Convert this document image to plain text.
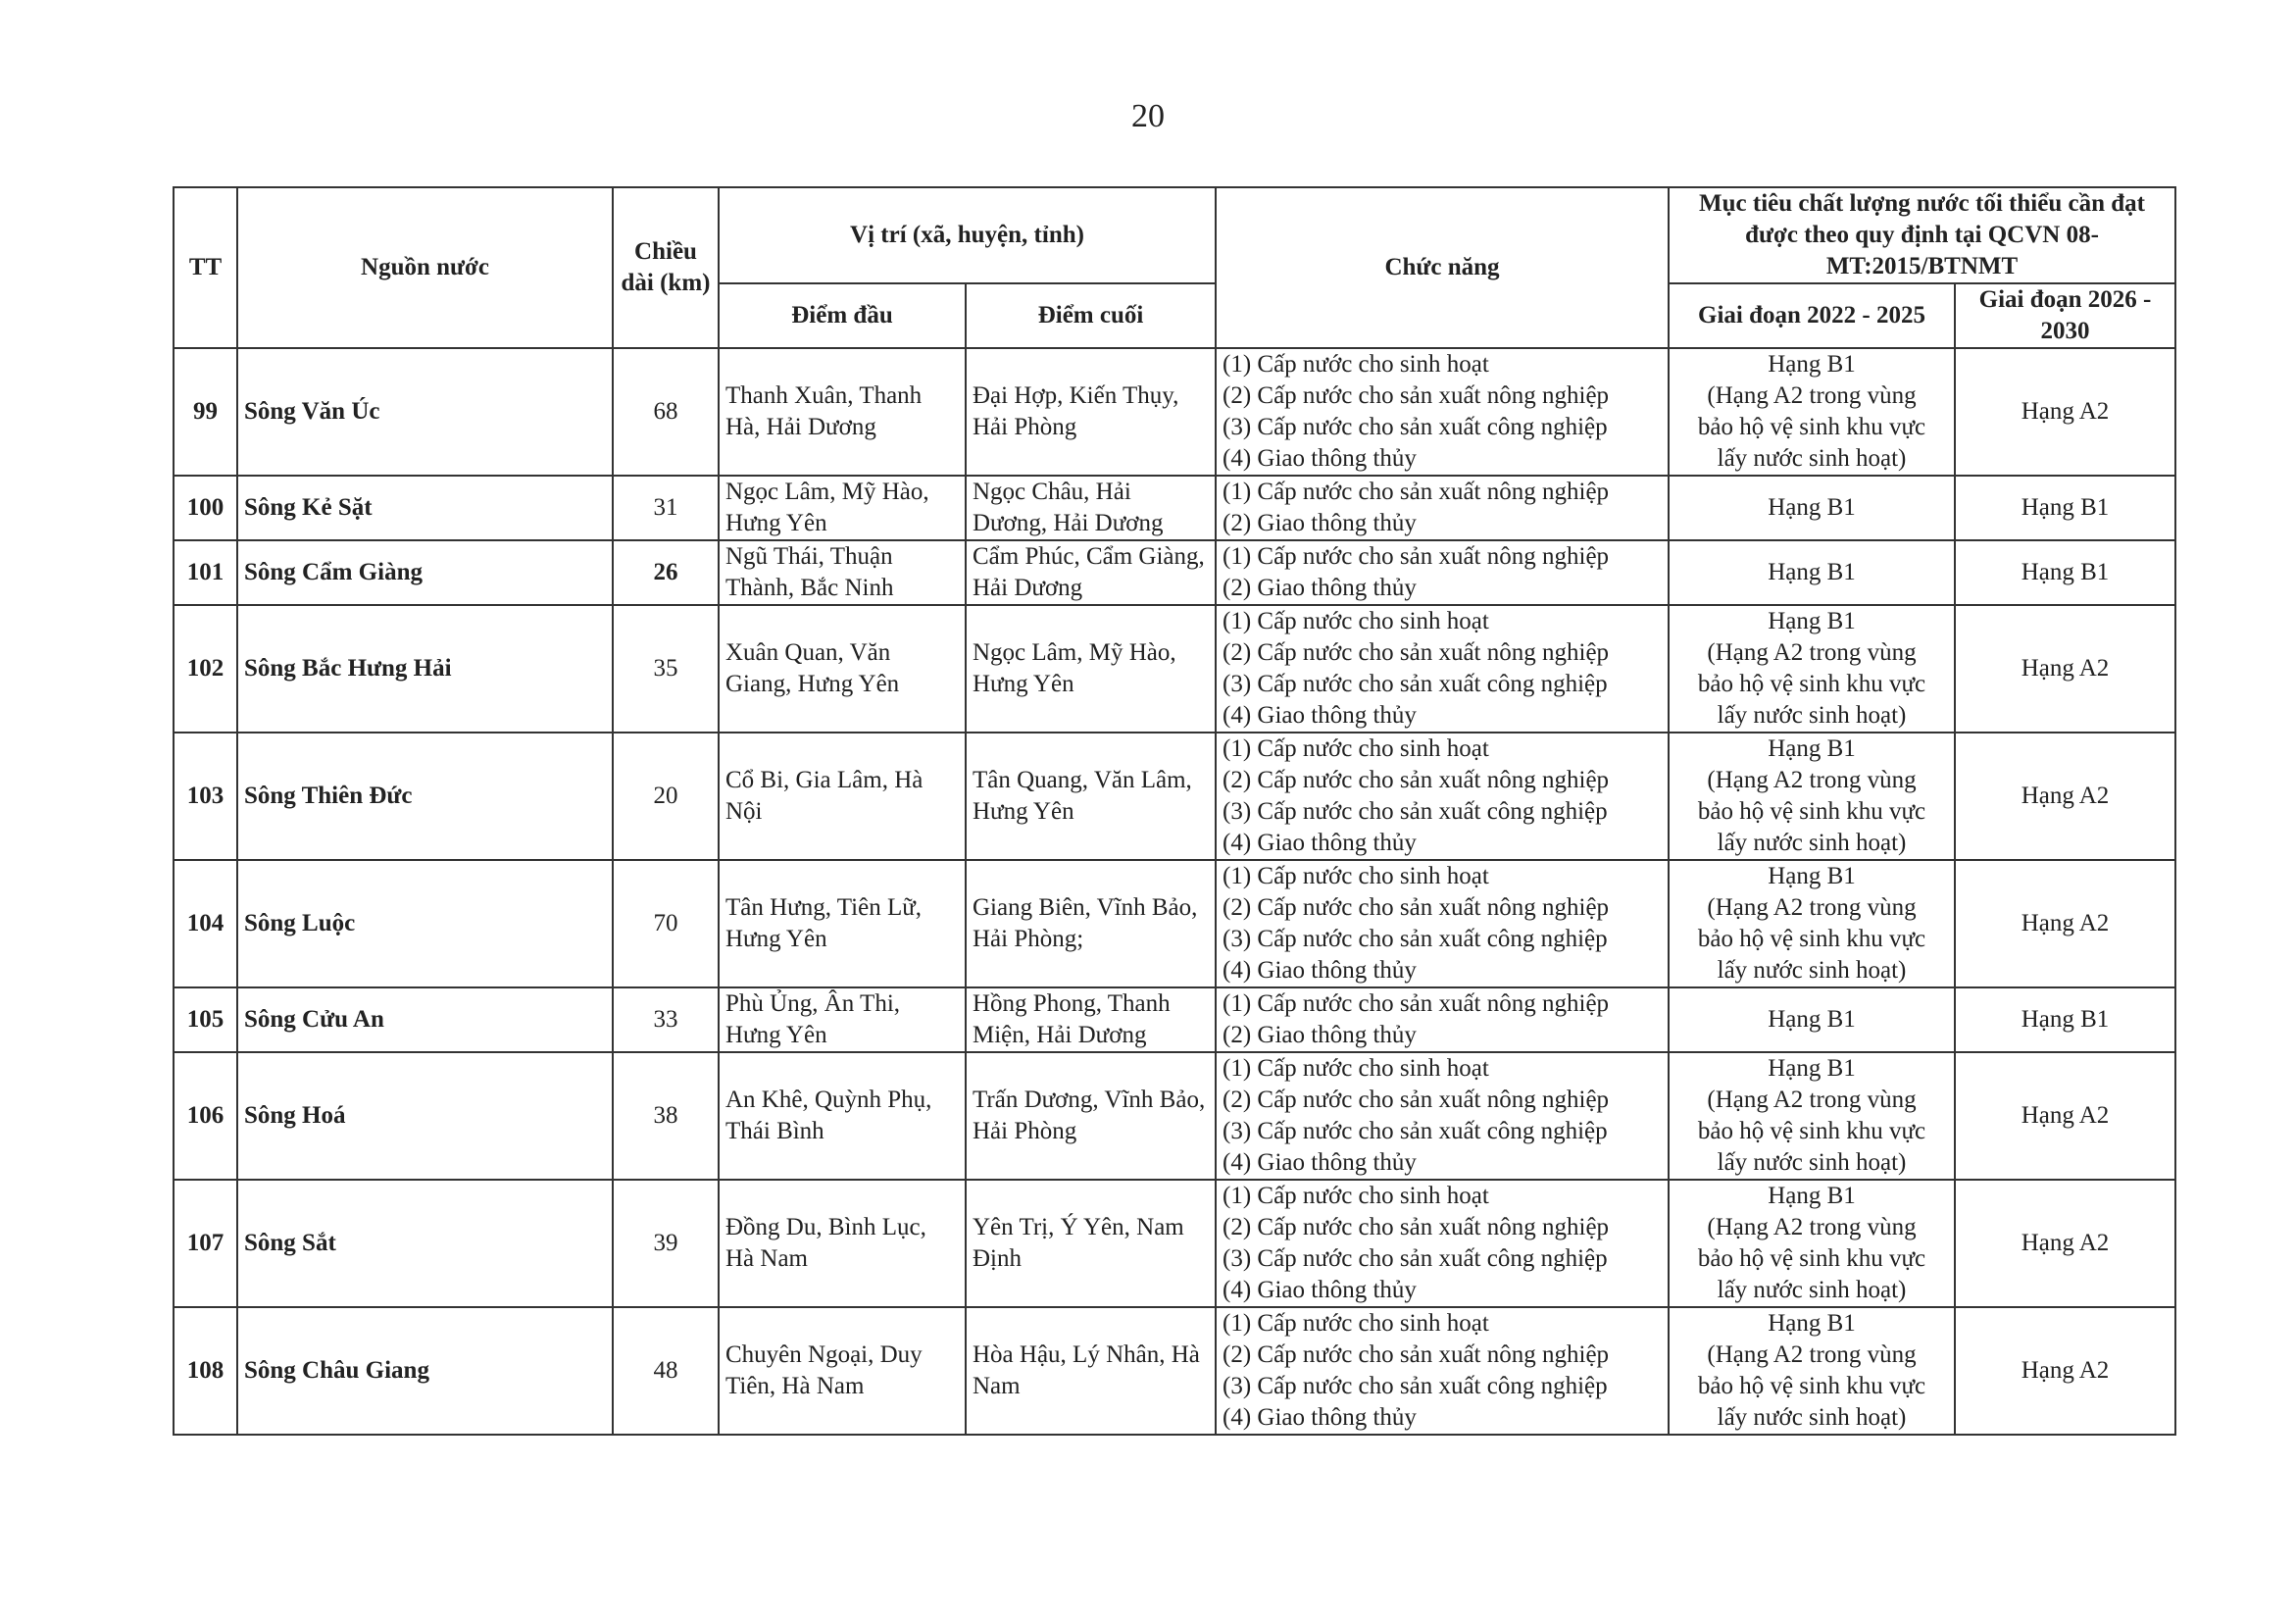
20
TT	Nguồn nước	Chiều dài (km)	Vị trí (xã, huyện, tỉnh)		Chức năng	Mục tiêu chất lượng nước tối thiểu cần đạt được theo quy định tại QCVN 08-MT:2015/BTNMT	
			Điểm đầu	Điểm cuối		Giai đoạn 2022 - 2025	Giai đoạn 2026 - 2030
99	Sông Văn Úc	68	Thanh Xuân, Thanh Hà, Hải Dương	Đại Hợp, Kiến Thụy, Hải Phòng	(1) Cấp nước cho sinh hoạt
(2) Cấp nước cho sản xuất nông nghiệp
(3) Cấp nước cho sản xuất công nghiệp
(4) Giao thông thủy	Hạng B1
(Hạng A2 trong vùng
bảo hộ vệ sinh khu vực
lấy nước sinh hoạt)	Hạng A2
100	Sông Kẻ Sặt	31	Ngọc Lâm, Mỹ Hào, Hưng Yên	Ngọc Châu, Hải Dương, Hải Dương	(1) Cấp nước cho sản xuất nông nghiệp
(2) Giao thông thủy	Hạng B1	Hạng B1
101	Sông Cẩm Giàng	26	Ngũ Thái, Thuận Thành, Bắc Ninh	Cẩm Phúc, Cẩm Giàng, Hải Dương	(1) Cấp nước cho sản xuất nông nghiệp
(2) Giao thông thủy	Hạng B1	Hạng B1
102	Sông Bắc Hưng Hải	35	Xuân Quan, Văn Giang, Hưng Yên	Ngọc Lâm, Mỹ Hào, Hưng Yên	(1) Cấp nước cho sinh hoạt
(2) Cấp nước cho sản xuất nông nghiệp
(3) Cấp nước cho sản xuất công nghiệp
(4) Giao thông thủy	Hạng B1
(Hạng A2 trong vùng
bảo hộ vệ sinh khu vực
lấy nước sinh hoạt)	Hạng A2
103	Sông Thiên Đức	20	Cổ Bi, Gia Lâm, Hà Nội	Tân Quang, Văn Lâm, Hưng Yên	(1) Cấp nước cho sinh hoạt
(2) Cấp nước cho sản xuất nông nghiệp
(3) Cấp nước cho sản xuất công nghiệp
(4) Giao thông thủy	Hạng B1
(Hạng A2 trong vùng
bảo hộ vệ sinh khu vực
lấy nước sinh hoạt)	Hạng A2
104	Sông Luộc	70	Tân Hưng, Tiên Lữ, Hưng Yên	Giang Biên, Vĩnh Bảo, Hải Phòng;	(1) Cấp nước cho sinh hoạt
(2) Cấp nước cho sản xuất nông nghiệp
(3) Cấp nước cho sản xuất công nghiệp
(4) Giao thông thủy	Hạng B1
(Hạng A2 trong vùng
bảo hộ vệ sinh khu vực
lấy nước sinh hoạt)	Hạng A2
105	Sông Cửu An	33	Phù Ủng, Ân Thi, Hưng Yên	Hồng Phong, Thanh Miện, Hải Dương	(1) Cấp nước cho sản xuất nông nghiệp
(2) Giao thông thủy	Hạng B1	Hạng B1
106	Sông Hoá	38	An Khê, Quỳnh Phụ, Thái Bình	Trấn Dương, Vĩnh Bảo, Hải Phòng	(1) Cấp nước cho sinh hoạt
(2) Cấp nước cho sản xuất nông nghiệp
(3) Cấp nước cho sản xuất công nghiệp
(4) Giao thông thủy	Hạng B1
(Hạng A2 trong vùng
bảo hộ vệ sinh khu vực
lấy nước sinh hoạt)	Hạng A2
107	Sông Sắt	39	Đồng Du, Bình Lục, Hà Nam	Yên Trị, Ý Yên, Nam Định	(1) Cấp nước cho sinh hoạt
(2) Cấp nước cho sản xuất nông nghiệp
(3) Cấp nước cho sản xuất công nghiệp
(4) Giao thông thủy	Hạng B1
(Hạng A2 trong vùng
bảo hộ vệ sinh khu vực
lấy nước sinh hoạt)	Hạng A2
108	Sông Châu Giang	48	Chuyên Ngoại, Duy Tiên, Hà Nam	Hòa Hậu, Lý Nhân, Hà Nam	(1) Cấp nước cho sinh hoạt
(2) Cấp nước cho sản xuất nông nghiệp
(3) Cấp nước cho sản xuất công nghiệp
(4) Giao thông thủy	Hạng B1
(Hạng A2 trong vùng
bảo hộ vệ sinh khu vực
lấy nước sinh hoạt)	Hạng A2
